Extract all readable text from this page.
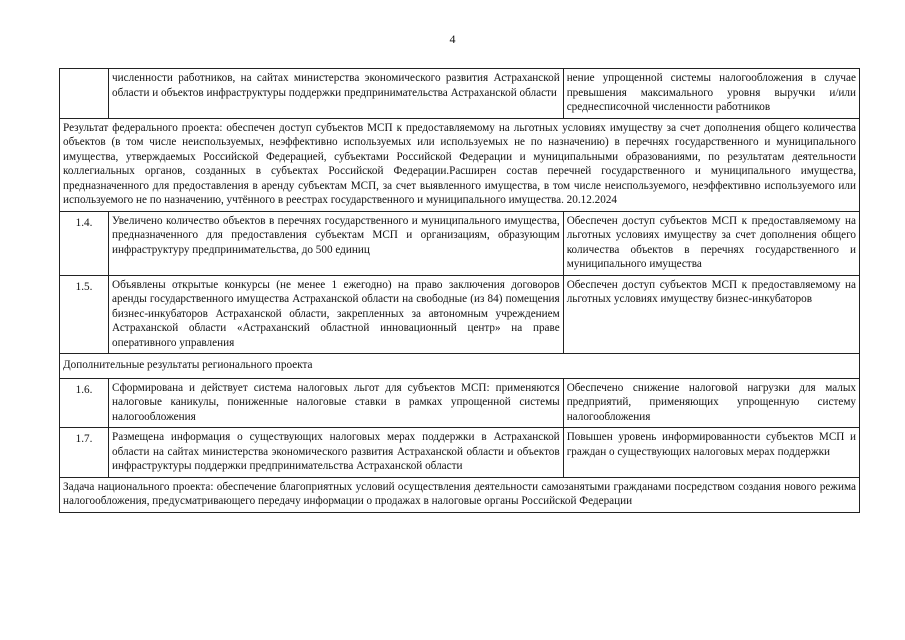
4
	численности работников, на сайтах министерства экономического развития Астраханской области и объектов инфраструктуры поддержки предпринимательства Астраханской области	нение упрощенной системы налогообложения в случае превышения максимального уровня выручки и/или среднесписочной численности работников
Результат федерального проекта: обеспечен доступ субъектов МСП к предоставляемому на льготных условиях имуществу за счет дополнения общего количества объектов (в том числе неиспользуемых, неэффективно используемых или используемых не по назначению) в перечнях государственного и муниципального имущества, утверждаемых Российской Федерацией, субъектами Российской Федерации и муниципальными образованиями, по результатам деятельности коллегиальных органов, созданных в субъектах Российской Федерации.Расширен состав перечней государственного и муниципального имущества, предназначенного для предоставления в аренду субъектам МСП, за счет выявленного имущества, в том числе неиспользуемого, неэффективно используемого или используемого не по назначению, учтённого в реестрах государственного и муниципального имущества. 20.12.2024		
1.4.	Увеличено количество объектов в перечнях государственного и муниципального имущества, предназначенного для предоставления субъектам МСП и организациям, образующим инфраструктуру предпринимательства, до 500 единиц	Обеспечен доступ субъектов МСП к предоставляемому на льготных условиях имуществу за счет дополнения общего количества объектов в перечнях государственного и муниципального имущества
1.5.	Объявлены открытые конкурсы (не менее 1 ежегодно) на право заключения договоров аренды государственного имущества Астраханской области на свободные (из 84) помещения бизнес-инкубаторов Астраханской области, закрепленных за автономным учреждением Астраханской области «Астраханский областной инновационный центр» на праве оперативного управления	Обеспечен доступ субъектов МСП к предоставляемому на льготных условиях имуществу бизнес-инкубаторов
Дополнительные результаты регионального проекта		
1.6.	Сформирована и действует система налоговых льгот для субъектов МСП: применяются налоговые каникулы, пониженные налоговые ставки в рамках упрощенной системы налогообложения	Обеспечено снижение налоговой нагрузки для малых предприятий, применяющих упрощенную систему налогообложения
1.7.	Размещена информация о существующих налоговых мерах поддержки в Астраханской области на сайтах министерства экономического развития Астраханской области и объектов инфраструктуры поддержки предпринимательства Астраханской области	Повышен уровень информированности субъектов МСП и граждан о существующих налоговых мерах поддержки
Задача национального проекта: обеспечение благоприятных условий осуществления деятельности самозанятыми гражданами посредством создания нового режима налогообложения, предусматривающего передачу информации о продажах в налоговые органы Российской Федерации		
